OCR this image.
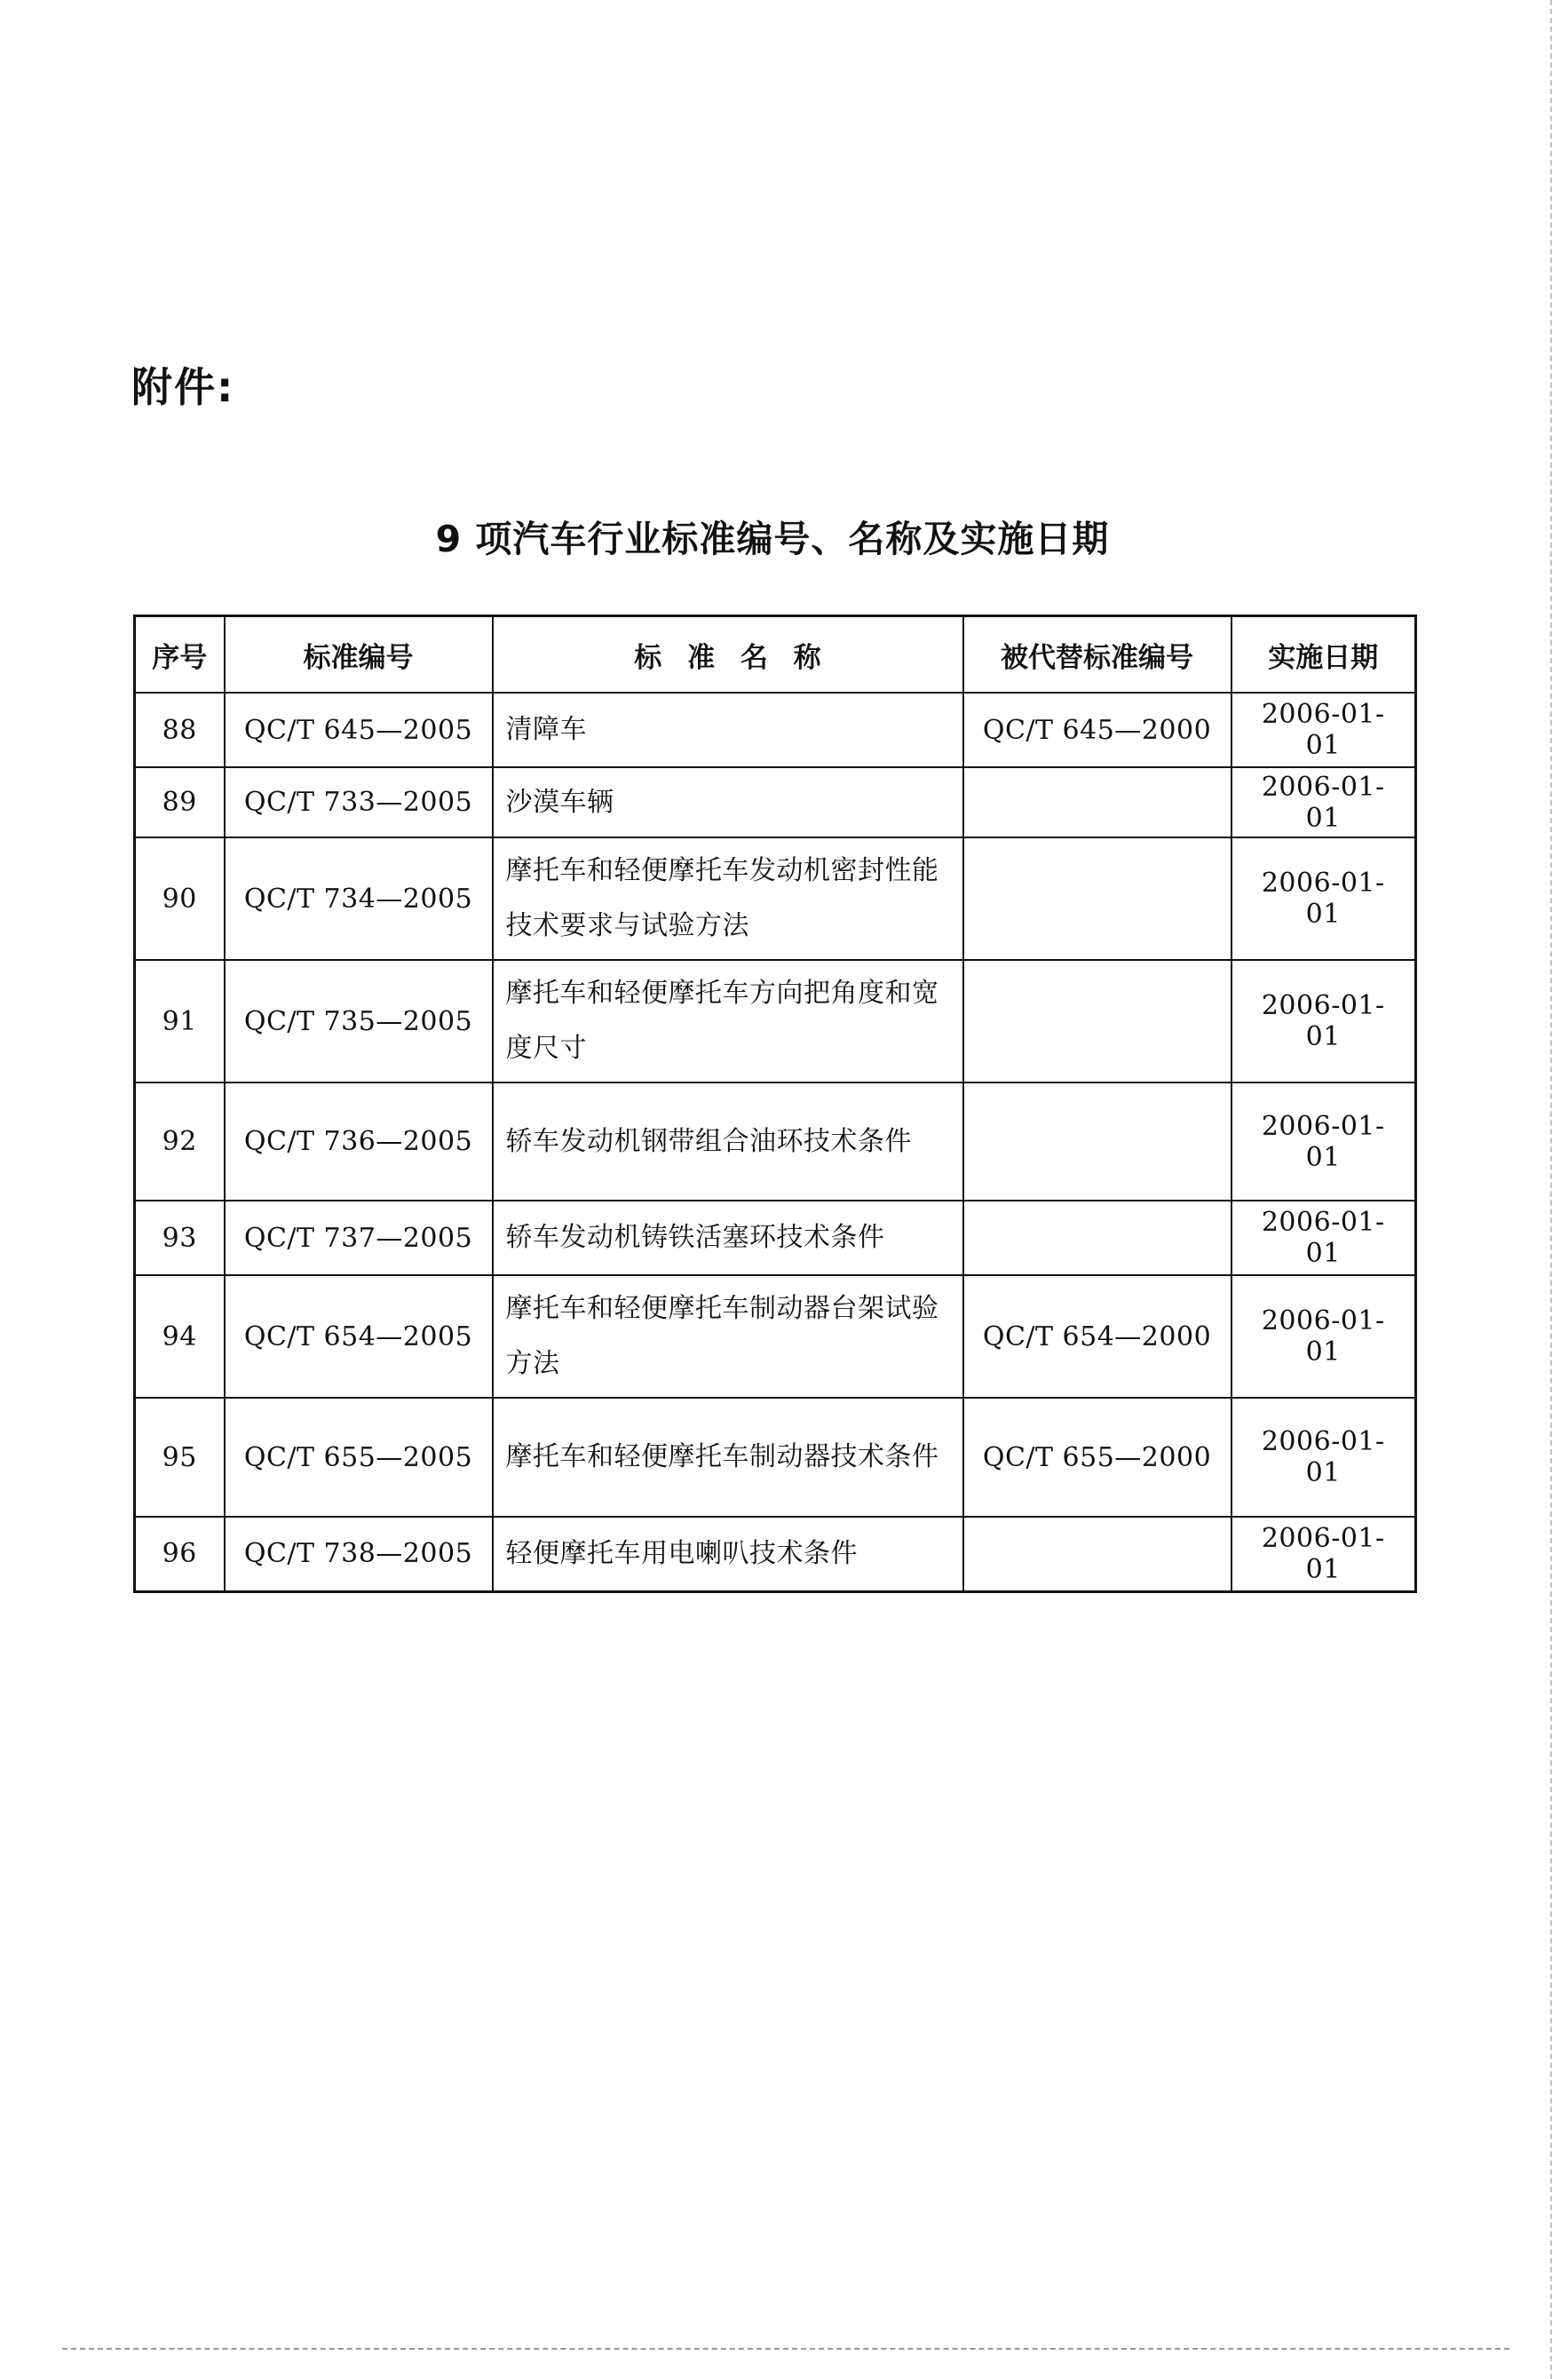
附件:
9 项汽车行业标准编号、名称及实施日期
序号	标准编号	标 准 名 称	被代替标准编号	实施日期
88	QC/T 645—2005	清障车	QC/T 645—2000	2006-01-01
89	QC/T 733—2005	沙漠车辆		2006-01-01
90	QC/T 734—2005	摩托车和轻便摩托车发动机密封性能技术要求与试验方法		2006-01-01
91	QC/T 735—2005	摩托车和轻便摩托车方向把角度和宽度尺寸		2006-01-01
92	QC/T 736—2005	轿车发动机钢带组合油环技术条件		2006-01-01
93	QC/T 737—2005	轿车发动机铸铁活塞环技术条件		2006-01-01
94	QC/T 654—2005	摩托车和轻便摩托车制动器台架试验方法	QC/T 654—2000	2006-01-01
95	QC/T 655—2005	摩托车和轻便摩托车制动器技术条件	QC/T 655—2000	2006-01-01
96	QC/T 738—2005	轻便摩托车用电喇叭技术条件		2006-01-01
